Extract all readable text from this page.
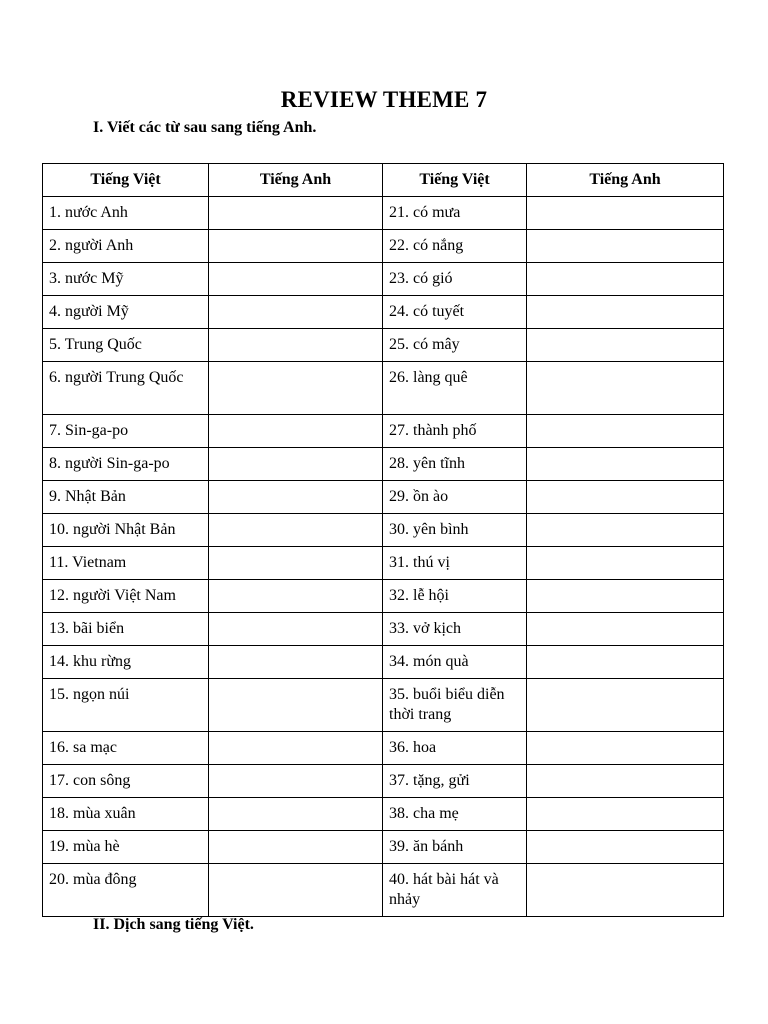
REVIEW THEME 7

I. Viết các từ sau sang tiếng Anh.

Tiếng Việt	Tiếng Anh	Tiếng Việt	Tiếng Anh
1. nước Anh		21. có mưa	
2. người Anh		22. có nắng	
3. nước Mỹ		23. có gió	
4. người Mỹ		24. có tuyết	
5. Trung Quốc		25. có mây	
6. người Trung Quốc		26. làng quê	
7. Sin-ga-po		27. thành phố	
8. người Sin-ga-po		28. yên tĩnh	
9. Nhật Bản		29. ồn ào	
10. người Nhật Bản		30. yên bình	
11. Vietnam		31. thú vị	
12. người Việt Nam		32. lễ hội	
13. bãi biển		33. vở kịch	
14. khu rừng		34. món quà	
15. ngọn núi		35. buổi biểu diễn thời trang	
16. sa mạc		36. hoa	
17. con sông		37. tặng, gửi	
18. mùa xuân		38. cha mẹ	
19. mùa hè		39. ăn bánh	
20. mùa đông		40. hát bài hát và nhảy	

II. Dịch sang tiếng Việt.
